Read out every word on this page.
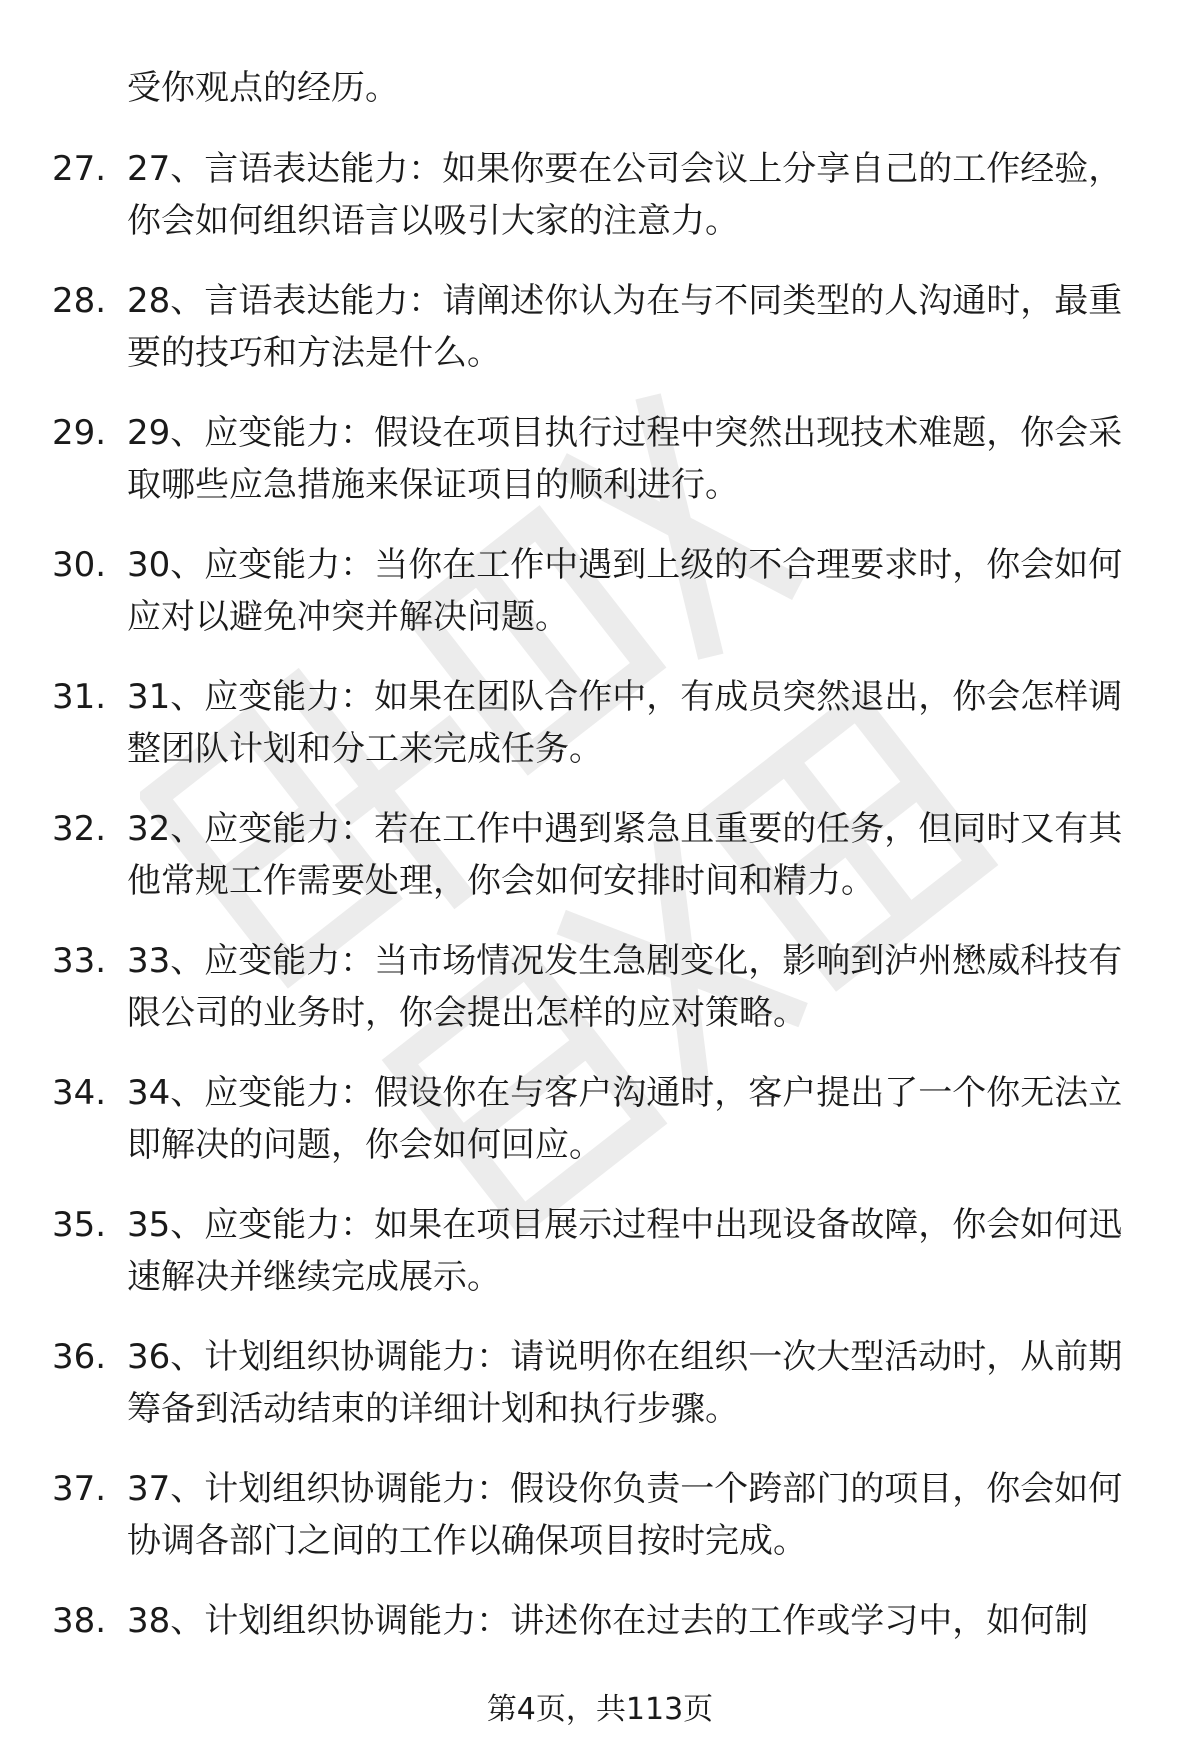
受你观点的经历。
27. 27、言语表达能力：如果你要在公司会议上分享自己的工作经验，你会如何组织语言以吸引大家的注意力。
28. 28、言语表达能力：请阐述你认为在与不同类型的人沟通时，最重要的技巧和方法是什么。
29. 29、应变能力：假设在项目执行过程中突然出现技术难题，你会采取哪些应急措施来保证项目的顺利进行。
30. 30、应变能力：当你在工作中遇到上级的不合理要求时，你会如何应对以避免冲突并解决问题。
31. 31、应变能力：如果在团队合作中，有成员突然退出，你会怎样调整团队计划和分工来完成任务。
32. 32、应变能力：若在工作中遇到紧急且重要的任务，但同时又有其他常规工作需要处理，你会如何安排时间和精力。
33. 33、应变能力：当市场情况发生急剧变化，影响到泸州懋威科技有限公司的业务时，你会提出怎样的应对策略。
34. 34、应变能力：假设你在与客户沟通时，客户提出了一个你无法立即解决的问题，你会如何回应。
35. 35、应变能力：如果在项目展示过程中出现设备故障，你会如何迅速解决并继续完成展示。
36. 36、计划组织协调能力：请说明你在组织一次大型活动时，从前期筹备到活动结束的详细计划和执行步骤。
37. 37、计划组织协调能力：假设你负责一个跨部门的项目，你会如何协调各部门之间的工作以确保项目按时完成。
38. 38、计划组织协调能力：讲述你在过去的工作或学习中，如何制
第4页，共113页
